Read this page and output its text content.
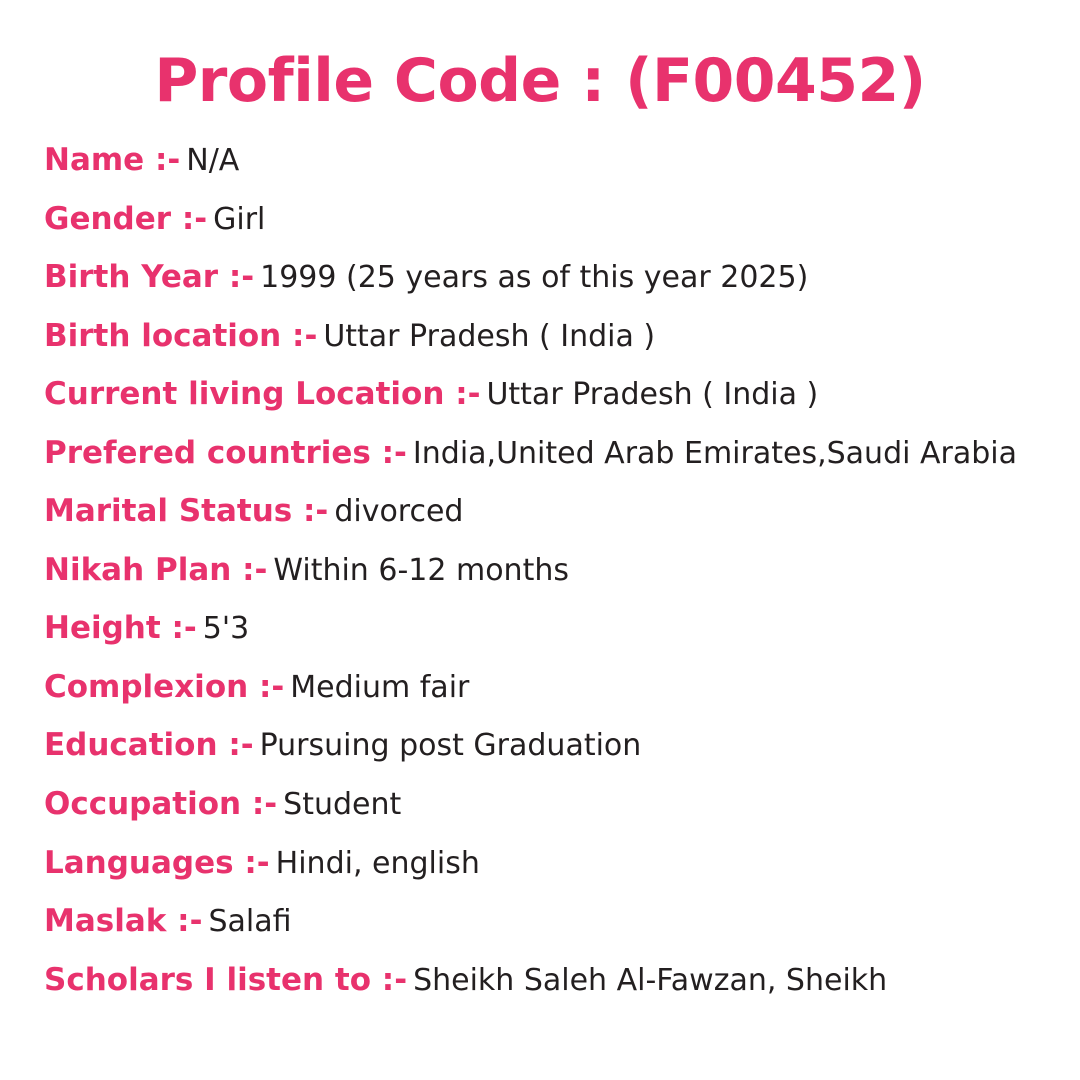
Profile Code : (F00452)
Name :- N/A
Gender :- Girl
Birth Year :- 1999 (25 years as of this year 2025)
Birth location :- Uttar Pradesh ( India )
Current living Location :- Uttar Pradesh ( India )
Prefered countries :- India,United Arab Emirates,Saudi Arabia
Marital Status :- divorced
Nikah Plan :- Within 6-12 months
Height :- 5'3
Complexion :- Medium fair
Education :- Pursuing post Graduation
Occupation :- Student
Languages :- Hindi, english
Maslak :- Salafi
Scholars I listen to :- Sheikh Saleh Al-Fawzan, Sheikh
